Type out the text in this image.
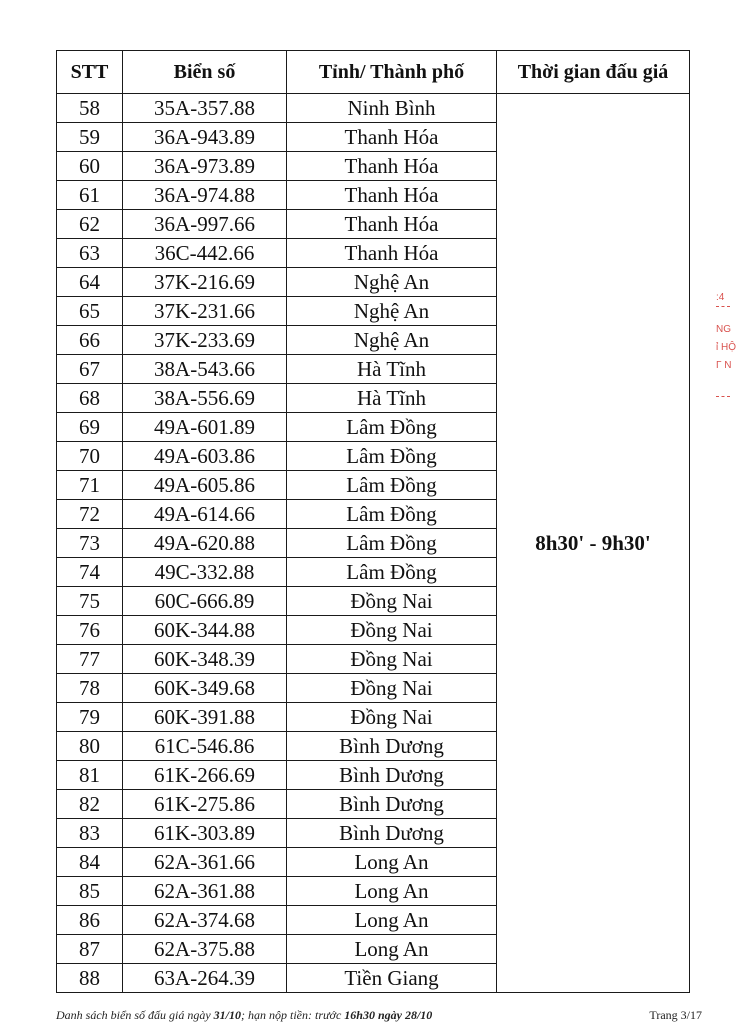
STT	Biển số	Tỉnh/ Thành phố	Thời gian đấu giá
58	35A-357.88	Ninh Bình	8h30' - 9h30'
59	36A-943.89	Thanh Hóa	
60	36A-973.89	Thanh Hóa	
61	36A-974.88	Thanh Hóa	
62	36A-997.66	Thanh Hóa	
63	36C-442.66	Thanh Hóa	
64	37K-216.69	Nghệ An	
65	37K-231.66	Nghệ An	
66	37K-233.69	Nghệ An	
67	38A-543.66	Hà Tĩnh	
68	38A-556.69	Hà Tĩnh	
69	49A-601.89	Lâm Đồng	
70	49A-603.86	Lâm Đồng	
71	49A-605.86	Lâm Đồng	
72	49A-614.66	Lâm Đồng	
73	49A-620.88	Lâm Đồng	
74	49C-332.88	Lâm Đồng	
75	60C-666.89	Đồng Nai	
76	60K-344.88	Đồng Nai	
77	60K-348.39	Đồng Nai	
78	60K-349.68	Đồng Nai	
79	60K-391.88	Đồng Nai	
80	61C-546.86	Bình Dương	
81	61K-266.69	Bình Dương	
82	61K-275.86	Bình Dương	
83	61K-303.89	Bình Dương	
84	62A-361.66	Long An	
85	62A-361.88	Long An	
86	62A-374.68	Long An	
87	62A-375.88	Long An	
88	63A-264.39	Tiền Giang	
Danh sách biển số đấu giá ngày 31/10; hạn nộp tiền: trước 16h30 ngày 28/10	Trang 3/17
:4
NG
ỉ HỘ
Γ N
